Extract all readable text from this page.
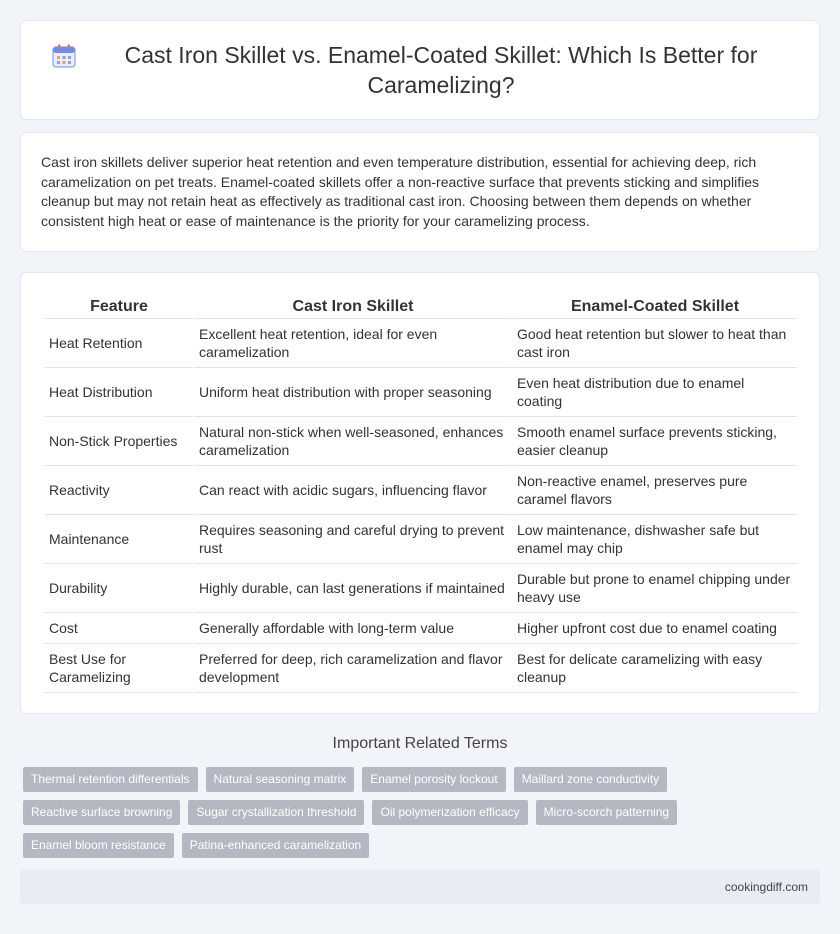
Cast Iron Skillet vs. Enamel-Coated Skillet: Which Is Better for Caramelizing?

Cast iron skillets deliver superior heat retention and even temperature distribution, essential for achieving deep, rich caramelization on pet treats. Enamel-coated skillets offer a non-reactive surface that prevents sticking and simplifies cleanup but may not retain heat as effectively as traditional cast iron. Choosing between them depends on whether consistent high heat or ease of maintenance is the priority for your caramelizing process.

Feature	Cast Iron Skillet	Enamel-Coated Skillet
Heat Retention	Excellent heat retention, ideal for even caramelization	Good heat retention but slower to heat than cast iron
Heat Distribution	Uniform heat distribution with proper seasoning	Even heat distribution due to enamel coating
Non-Stick Properties	Natural non-stick when well-seasoned, enhances caramelization	Smooth enamel surface prevents sticking, easier cleanup
Reactivity	Can react with acidic sugars, influencing flavor	Non-reactive enamel, preserves pure caramel flavors
Maintenance	Requires seasoning and careful drying to prevent rust	Low maintenance, dishwasher safe but enamel may chip
Durability	Highly durable, can last generations if maintained	Durable but prone to enamel chipping under heavy use
Cost	Generally affordable with long-term value	Higher upfront cost due to enamel coating
Best Use for Caramelizing	Preferred for deep, rich caramelization and flavor development	Best for delicate caramelizing with easy cleanup
Important Related Terms
Thermal retention differentials	Natural seasoning matrix	Enamel porosity lockout	Maillard zone conductivity
Reactive surface browning	Sugar crystallization threshold	Oil polymerization efficacy	Micro-scorch patterning
Enamel bloom resistance	Patina-enhanced caramelization
cookingdiff.com
